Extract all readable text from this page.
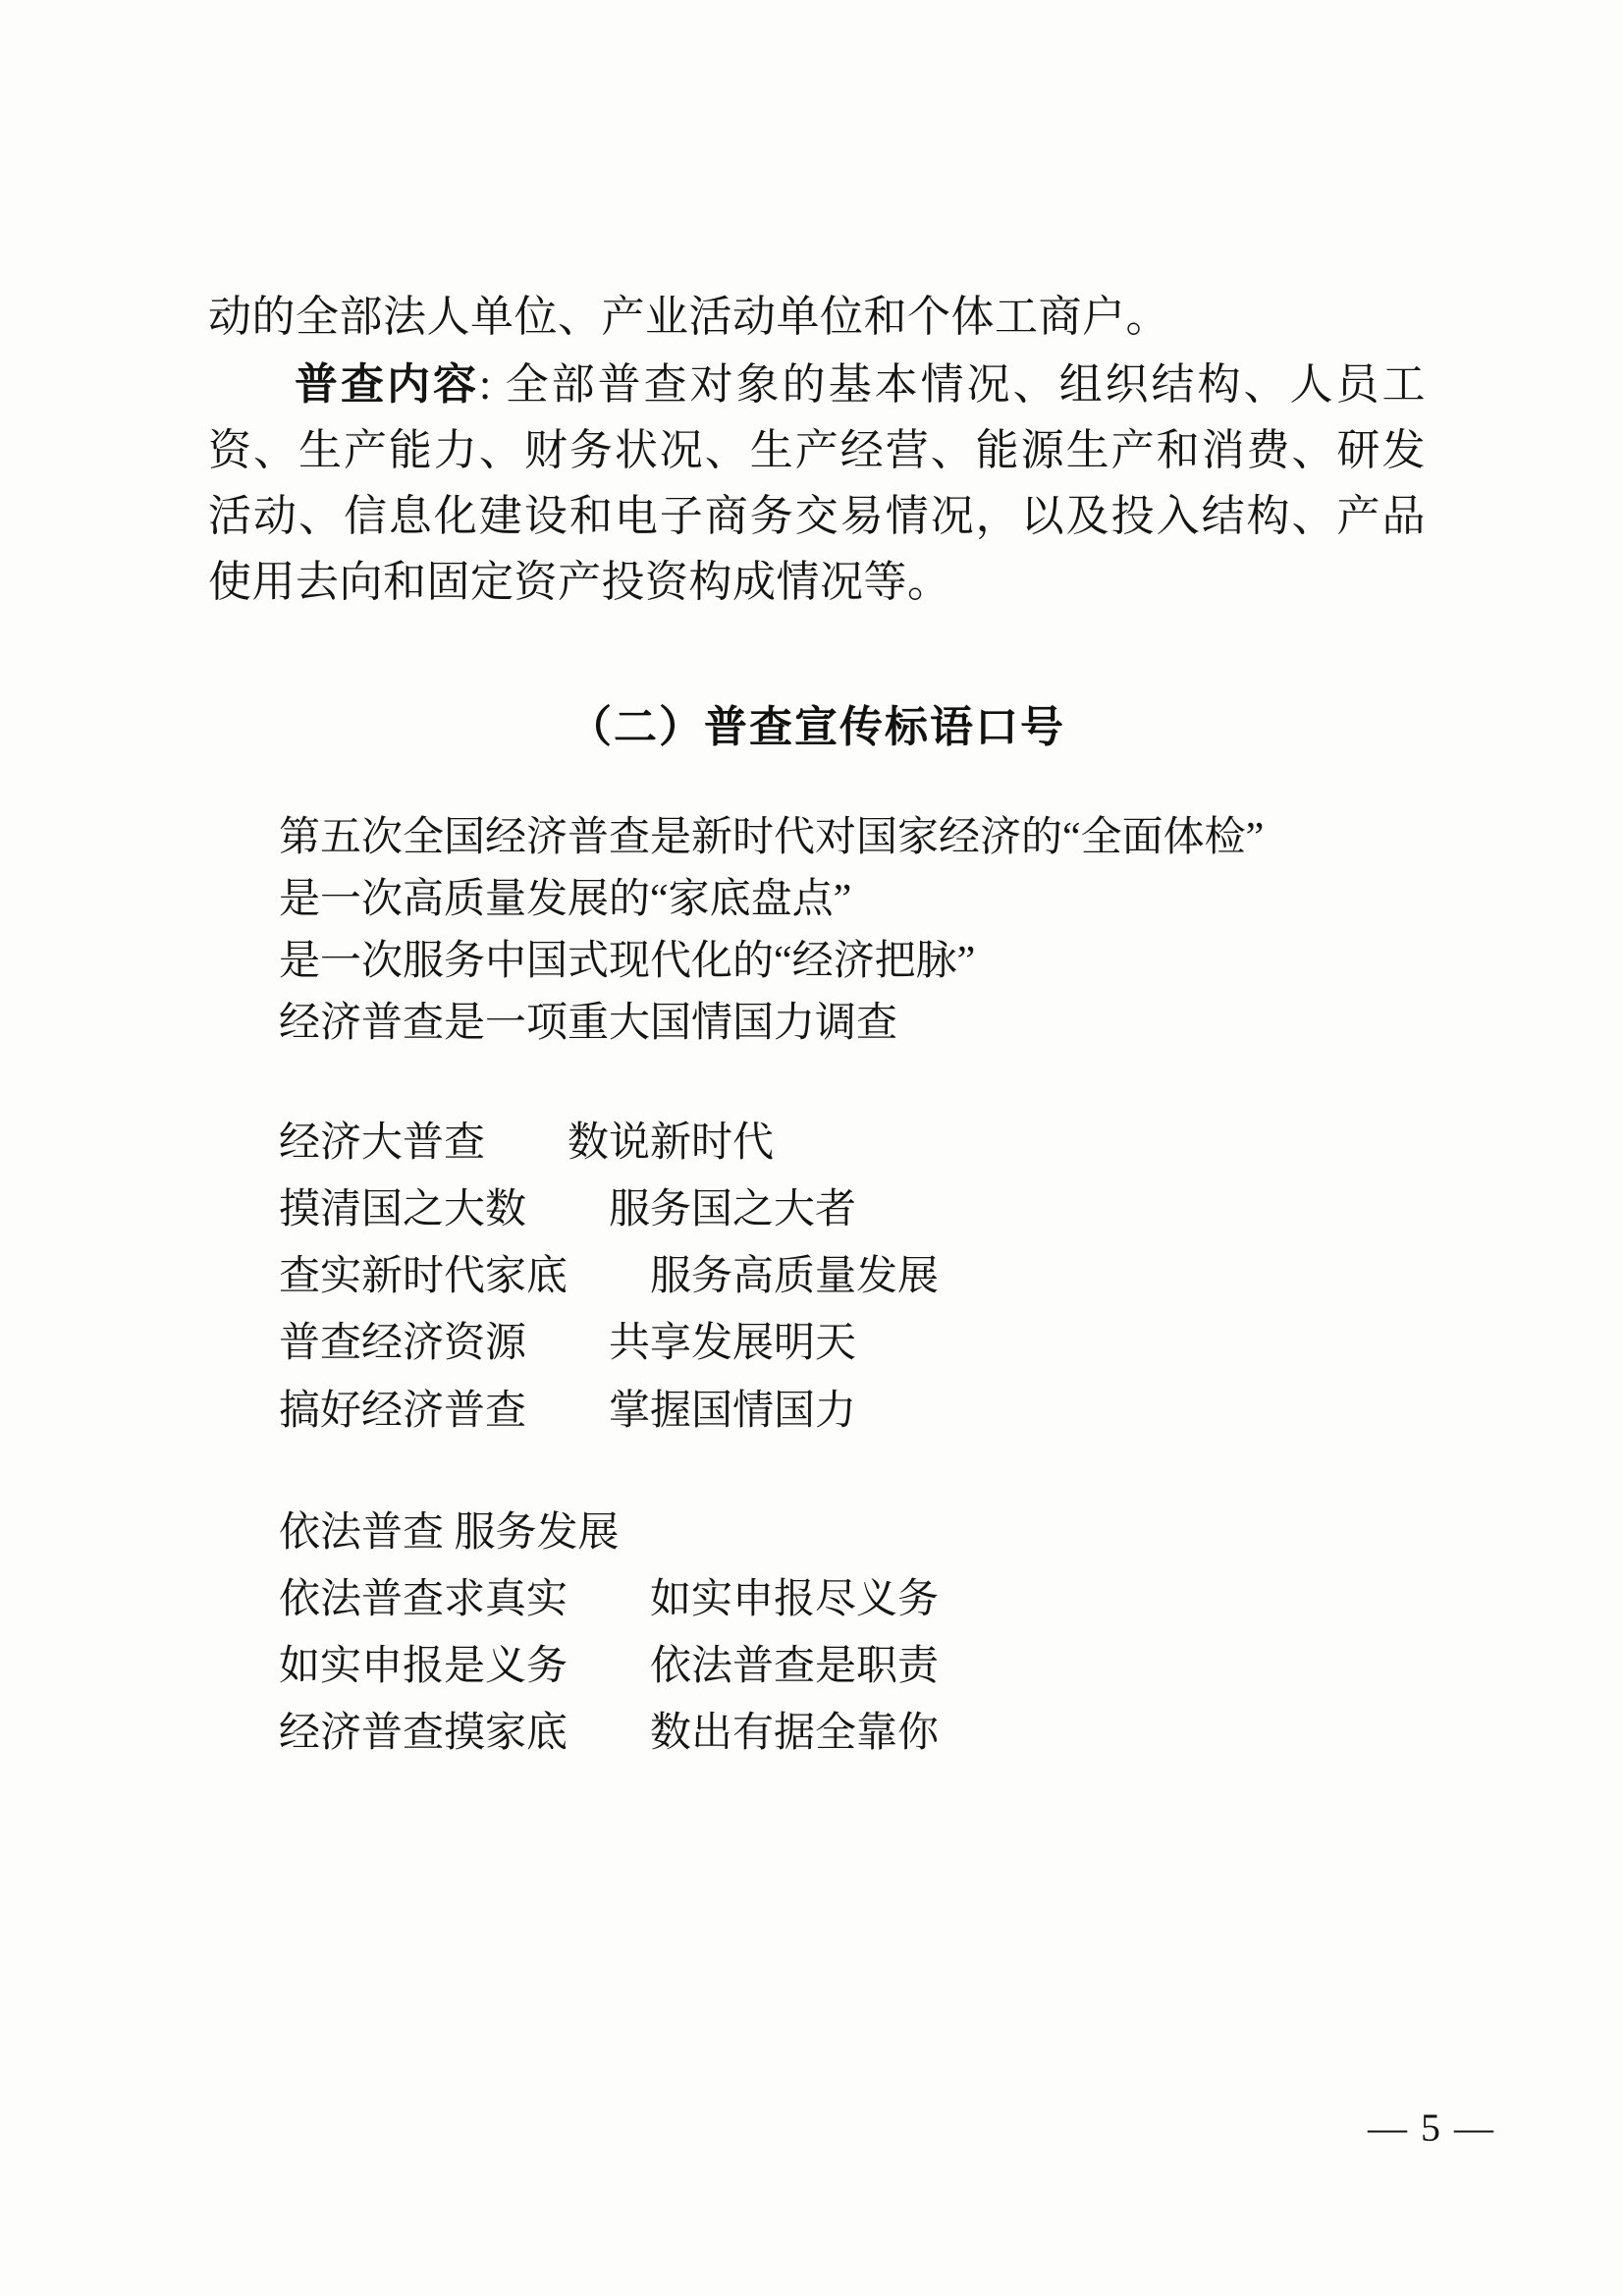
动的全部法人单位、产业活动单位和个体工商户。

普查内容: 全部普查对象的基本情况、组织结构、人员工资、生产能力、财务状况、生产经营、能源生产和消费、研发活动、信息化建设和电子商务交易情况，以及投入结构、产品使用去向和固定资产投资构成情况等。

（二）普查宣传标语口号
第五次全国经济普查是新时代对国家经济的“全面体检”
是一次高质量发展的“家底盘点”
是一次服务中国式现代化的“经济把脉”
经济普查是一项重大国情国力调查
经济大普查　　数说新时代
摸清国之大数　　服务国之大者
查实新时代家底　　服务高质量发展
普查经济资源　　共享发展明天
搞好经济普查　　掌握国情国力
依法普查 服务发展
依法普查求真实　　如实申报尽义务
如实申报是义务　　依法普查是职责
经济普查摸家底　　数出有据全靠你
— 5 —
